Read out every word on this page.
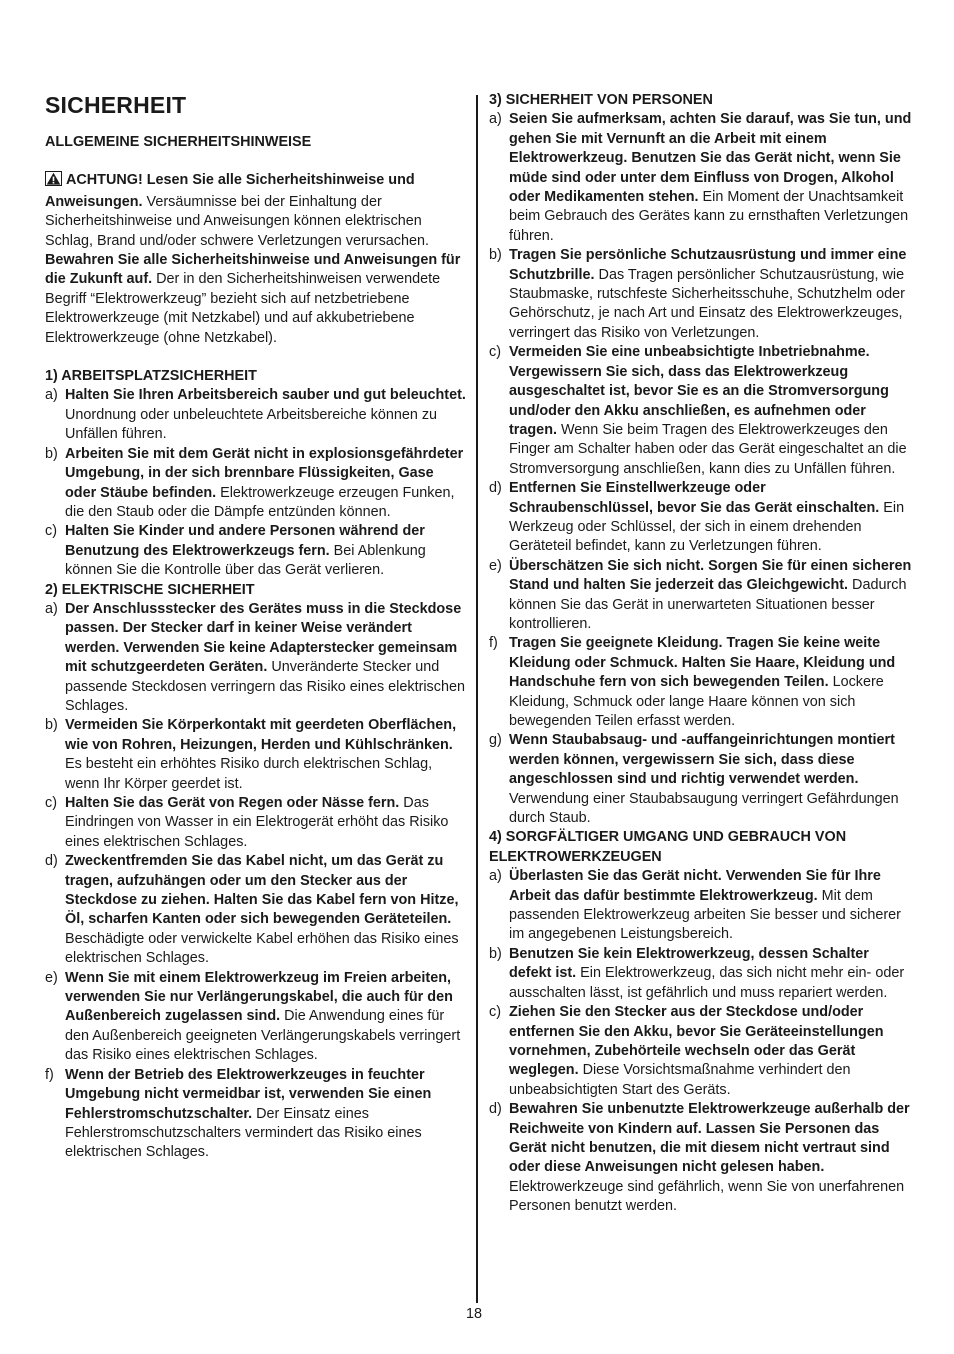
SICHERHEIT
ALLGEMEINE SICHERHEITSHINWEISE

ACHTUNG! Lesen Sie alle Sicherheitshinweise und Anweisungen. Versäumnisse bei der Einhaltung der Sicherheitshinweise und Anweisungen können elektrischen Schlag, Brand und/oder schwere Verletzungen verursachen. Bewahren Sie alle Sicherheitshinweise und Anweisungen für die Zukunft auf. Der in den Sicherheitshinweisen verwendete Begriff “Elektrowerkzeug” bezieht sich auf netzbetriebene Elektrowerkzeuge (mit Netzkabel) und auf akkubetriebene Elektrowerkzeuge (ohne Netzkabel).

1) ARBEITSPLATZSICHERHEIT
a) Halten Sie Ihren Arbeitsbereich sauber und gut beleuchtet. Unordnung oder unbeleuchtete Arbeitsbereiche können zu Unfällen führen.
b) Arbeiten Sie mit dem Gerät nicht in explosionsgefährdeter Umgebung, in der sich brennbare Flüssigkeiten, Gase oder Stäube befinden. Elektrowerkzeuge erzeugen Funken, die den Staub oder die Dämpfe entzünden können.
c) Halten Sie Kinder und andere Personen während der Benutzung des Elektrowerkzeugs fern. Bei Ablenkung können Sie die Kontrolle über das Gerät verlieren.
2) ELEKTRISCHE SICHERHEIT
a) Der Anschlussstecker des Gerätes muss in die Steckdose passen. Der Stecker darf in keiner Weise verändert werden. Verwenden Sie keine Adapterstecker gemeinsam mit schutzgeerdeten Geräten. Unveränderte Stecker und passende Steckdosen verringern das Risiko eines elektrischen Schlages.
b) Vermeiden Sie Körperkontakt mit geerdeten Oberflächen, wie von Rohren, Heizungen, Herden und Kühlschränken. Es besteht ein erhöhtes Risiko durch elektrischen Schlag, wenn Ihr Körper geerdet ist.
c) Halten Sie das Gerät von Regen oder Nässe fern. Das Eindringen von Wasser in ein Elektrogerät erhöht das Risiko eines elektrischen Schlages.
d) Zweckentfremden Sie das Kabel nicht, um das Gerät zu tragen, aufzuhängen oder um den Stecker aus der Steckdose zu ziehen. Halten Sie das Kabel fern von Hitze, Öl, scharfen Kanten oder sich bewegenden Geräteteilen. Beschädigte oder verwickelte Kabel erhöhen das Risiko eines elektrischen Schlages.
e) Wenn Sie mit einem Elektrowerkzeug im Freien arbeiten, verwenden Sie nur Verlängerungskabel, die auch für den Außenbereich zugelassen sind. Die Anwendung eines für den Außenbereich geeigneten Verlängerungskabels verringert das Risiko eines elektrischen Schlages.
f) Wenn der Betrieb des Elektrowerkzeuges in feuchter Umgebung nicht vermeidbar ist, verwenden Sie einen Fehlerstromschutzschalter. Der Einsatz eines Fehlerstromschutzschalters vermindert das Risiko eines elektrischen Schlages.
3) SICHERHEIT VON PERSONEN
a) Seien Sie aufmerksam, achten Sie darauf, was Sie tun, und gehen Sie mit Vernunft an die Arbeit mit einem Elektrowerkzeug. Benutzen Sie das Gerät nicht, wenn Sie müde sind oder unter dem Einfluss von Drogen, Alkohol oder Medikamenten stehen. Ein Moment der Unachtsamkeit beim Gebrauch des Gerätes kann zu ernsthaften Verletzungen führen.
b) Tragen Sie persönliche Schutzausrüstung und immer eine Schutzbrille. Das Tragen persönlicher Schutzausrüstung, wie Staubmaske, rutschfeste Sicherheitsschuhe, Schutzhelm oder Gehörschutz, je nach Art und Einsatz des Elektrowerkzeuges, verringert das Risiko von Verletzungen.
c) Vermeiden Sie eine unbeabsichtigte Inbetriebnahme. Vergewissern Sie sich, dass das Elektrowerkzeug ausgeschaltet ist, bevor Sie es an die Stromversorgung und/oder den Akku anschließen, es aufnehmen oder tragen. Wenn Sie beim Tragen des Elektrowerkzeuges den Finger am Schalter haben oder das Gerät eingeschaltet an die Stromversorgung anschließen, kann dies zu Unfällen führen.
d) Entfernen Sie Einstellwerkzeuge oder Schraubenschlüssel, bevor Sie das Gerät einschalten. Ein Werkzeug oder Schlüssel, der sich in einem drehenden Geräteteil befindet, kann zu Verletzungen führen.
e) Überschätzen Sie sich nicht. Sorgen Sie für einen sicheren Stand und halten Sie jederzeit das Gleichgewicht. Dadurch können Sie das Gerät in unerwarteten Situationen besser kontrollieren.
f) Tragen Sie geeignete Kleidung. Tragen Sie keine weite Kleidung oder Schmuck. Halten Sie Haare, Kleidung und Handschuhe fern von sich bewegenden Teilen. Lockere Kleidung, Schmuck oder lange Haare können von sich bewegenden Teilen erfasst werden.
g) Wenn Staubabsaug- und -auffangeinrichtungen montiert werden können, vergewissern Sie sich, dass diese angeschlossen sind und richtig verwendet werden. Verwendung einer Staubabsaugung verringert Gefährdungen durch Staub.
4) SORGFÄLTIGER UMGANG UND GEBRAUCH VON ELEKTROWERKZEUGEN
a) Überlasten Sie das Gerät nicht. Verwenden Sie für Ihre Arbeit das dafür bestimmte Elektrowerkzeug. Mit dem passenden Elektrowerkzeug arbeiten Sie besser und sicherer im angegebenen Leistungsbereich.
b) Benutzen Sie kein Elektrowerkzeug, dessen Schalter defekt ist. Ein Elektrowerkzeug, das sich nicht mehr ein- oder ausschalten lässt, ist gefährlich und muss repariert werden.
c) Ziehen Sie den Stecker aus der Steckdose und/oder entfernen Sie den Akku, bevor Sie Geräteeinstellungen vornehmen, Zubehörteile wechseln oder das Gerät weglegen. Diese Vorsichtsmaßnahme verhindert den unbeabsichtigten Start des Geräts.
d) Bewahren Sie unbenutzte Elektrowerkzeuge außerhalb der Reichweite von Kindern auf. Lassen Sie Personen das Gerät nicht benutzen, die mit diesem nicht vertraut sind oder diese Anweisungen nicht gelesen haben. Elektrowerkzeuge sind gefährlich, wenn Sie von unerfahrenen Personen benutzt werden.
18
